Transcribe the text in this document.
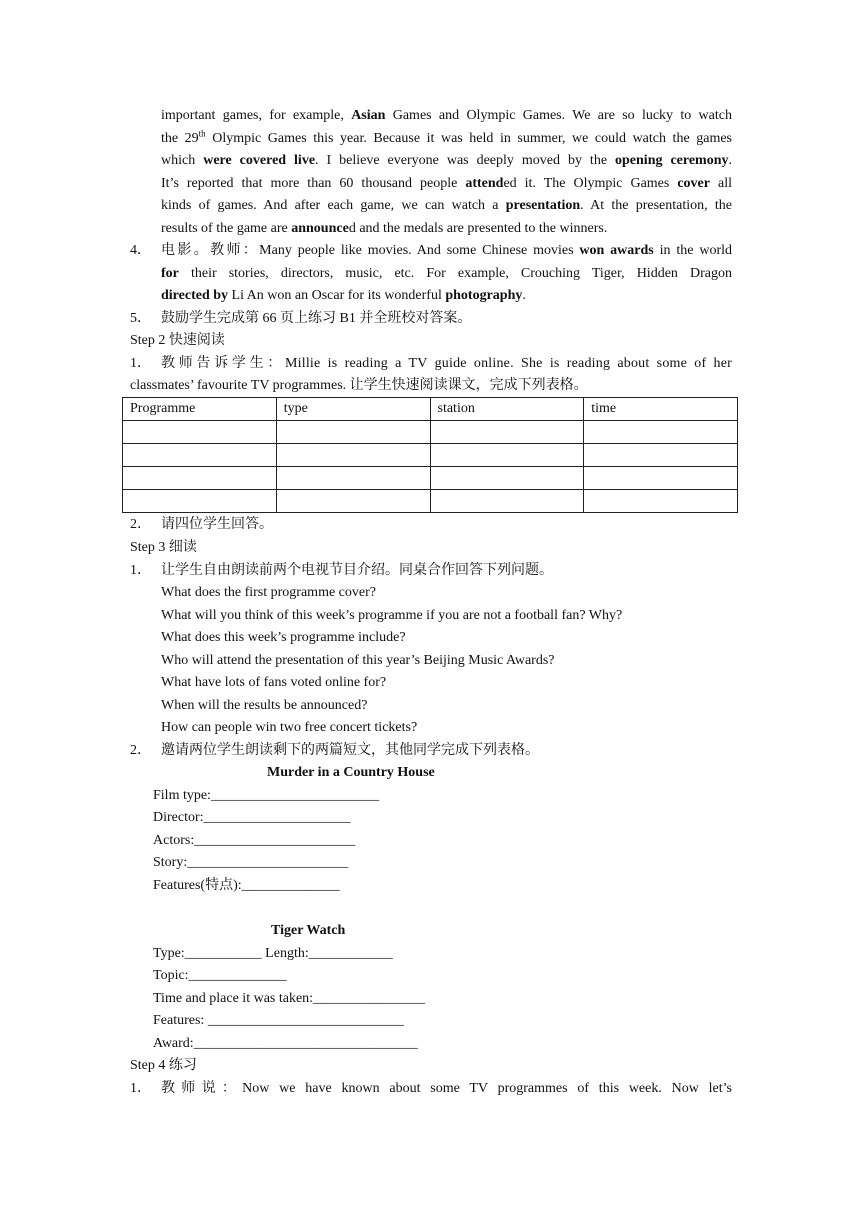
important games, for example, Asian Games and Olympic Games. We are so lucky to watch
the 29th Olympic Games this year. Because it was held in summer, we could watch the games
which were covered live. I believe everyone was deeply moved by the opening ceremony.
It’s reported that more than 60 thousand people attended it. The Olympic Games cover all
kinds of games. And after each game, we can watch a presentation. At the presentation, the
results of the game are announced and the medals are presented to the winners.
4． 电影。教师：Many people like movies. And some Chinese movies won awards in the world
for their stories, directors, music, etc. For example, Crouching Tiger, Hidden Dragon
directed by Li An won an Oscar for its wonderful photography.
5． 鼓励学生完成第 66 页上练习 B1 并全班校对答案。
Step 2 快速阅读
1． 教师告诉学生：Millie is reading a TV guide online. She is reading about some of her
classmates’ favourite TV programmes. 让学生快速阅读课文，完成下列表格。
Programme	type	station	time

2． 请四位学生回答。
Step 3 细读
1． 让学生自由朗读前两个电视节目介绍。同桌合作回答下列问题。
What does the first programme cover?
What will you think of this week’s programme if you are not a football fan? Why?
What does this week’s programme include?
Who will attend the presentation of this year’s Beijing Music Awards?
What have lots of fans voted online for?
When will the results be announced?
How can people win two free concert tickets?
2． 邀请两位学生朗读剩下的两篇短文，其他同学完成下列表格。
Murder in a Country House
Film type:________________________
Director:_____________________
Actors:_______________________
Story:_______________________
Features(特点):______________
Tiger Watch
Type:___________ Length:____________
Topic:______________
Time and place it was taken:________________
Features: ____________________________
Award:________________________________
Step 4 练习
1． 教师说：Now we have known about some TV programmes of this week. Now let’s
